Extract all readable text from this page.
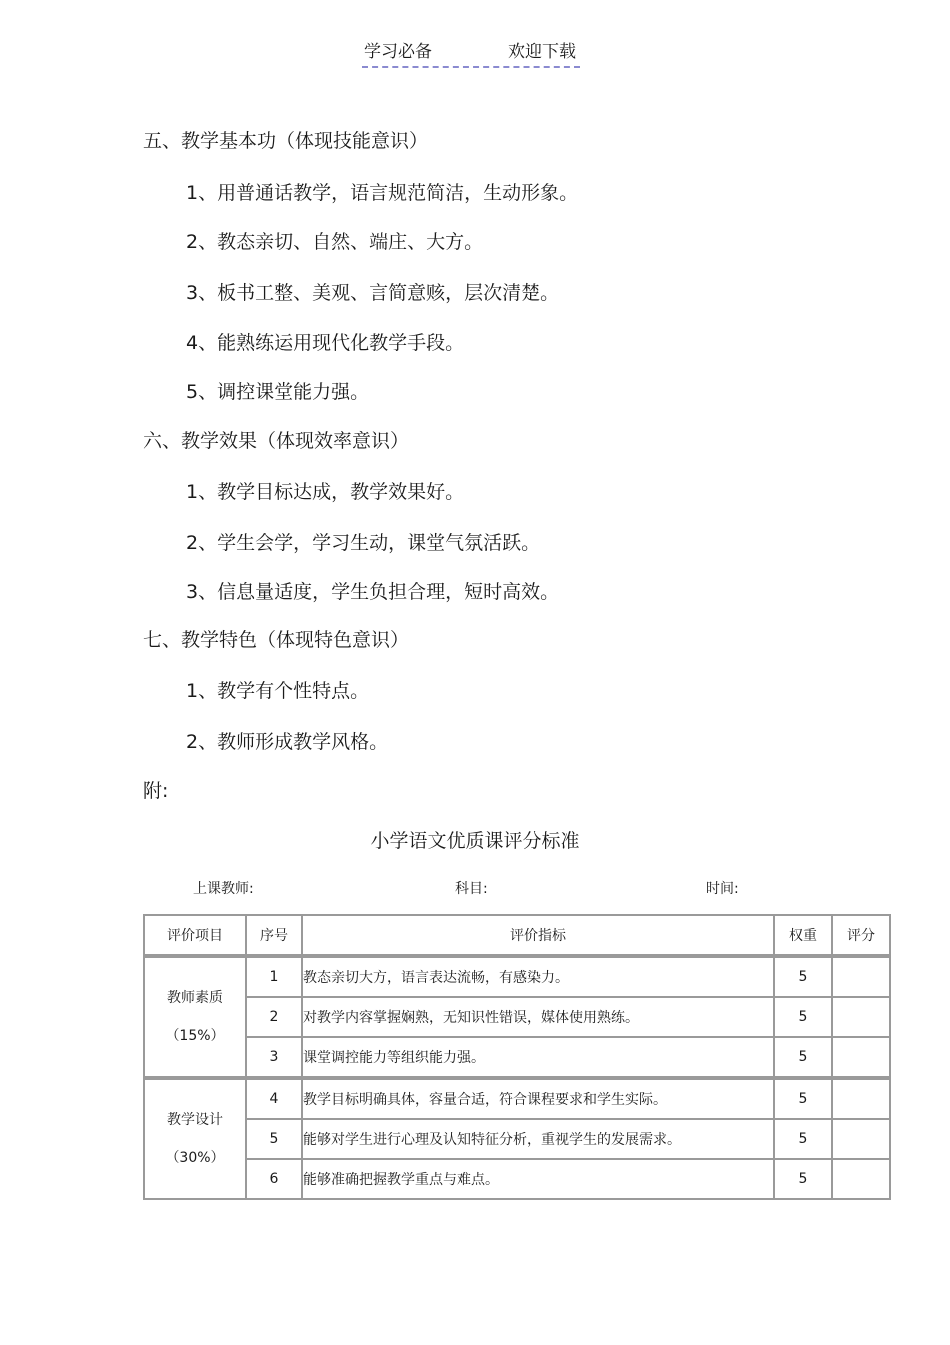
学习必备	欢迎下载
五、教学基本功（体现技能意识）
1、用普通话教学，语言规范简洁，生动形象。
2、教态亲切、自然、端庄、大方。
3、板书工整、美观、言简意赅，层次清楚。
4、能熟练运用现代化教学手段。
5、调控课堂能力强。
六、教学效果（体现效率意识）
1、教学目标达成，教学效果好。
2、学生会学，学习生动，课堂气氛活跃。
3、信息量适度，学生负担合理，短时高效。
七、教学特色（体现特色意识）
1、教学有个性特点。
2、教师形成教学风格。
附:
小学语文优质课评分标准
上课教师:	科目:	时间:
评价项目	序号	评价指标	权重	评分

教师素质
（15%）	1	教态亲切大方，语言表达流畅，有感染力。	5	
	2	对教学内容掌握娴熟，无知识性错误，媒体使用熟练。	5	
	3	课堂调控能力等组织能力强。	5	

教学设计
（30%）	4	教学目标明确具体，容量合适，符合课程要求和学生实际。	5	
	5	能够对学生进行心理及认知特征分析，重视学生的发展需求。	5	
	6	能够准确把握教学重点与难点。	5	
